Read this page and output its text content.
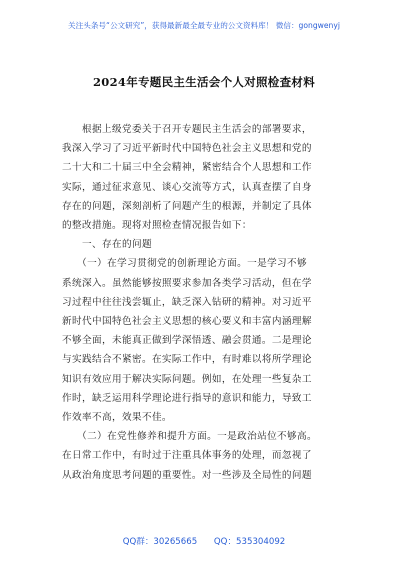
关注头条号“公文研究”，获得最新最全最专业的公文资料库！ 微信：gongwenyj
2024年专题民主生活会个人对照检查材料
　　根据上级党委关于召开专题民主生活会的部署要求，
我深入学习了习近平新时代中国特色社会主义思想和党的
二十大和二十届三中全会精神，紧密结合个人思想和工作
实际，通过征求意见、谈心交流等方式，认真查摆了自身
存在的问题，深刻剖析了问题产生的根源，并制定了具体
的整改措施。现将对照检查情况报告如下：
　　一、存在的问题
　　（一）在学习贯彻党的创新理论方面。一是学习不够
系统深入。虽然能够按照要求参加各类学习活动，但在学
习过程中往往浅尝辄止，缺乏深入钻研的精神。对习近平
新时代中国特色社会主义思想的核心要义和丰富内涵理解
不够全面，未能真正做到学深悟透、融会贯通。二是理论
与实践结合不紧密。在实际工作中，有时难以将所学理论
知识有效应用于解决实际问题。例如，在处理一些复杂工
作时，缺乏运用科学理论进行指导的意识和能力，导致工
作效率不高，效果不佳。
　　（二）在党性修养和提升方面。一是政治站位不够高。
在日常工作中，有时过于注重具体事务的处理，而忽视了
从政治角度思考问题的重要性。对一些涉及全局性的问题
QQ群：30265665 QQ：535304092
